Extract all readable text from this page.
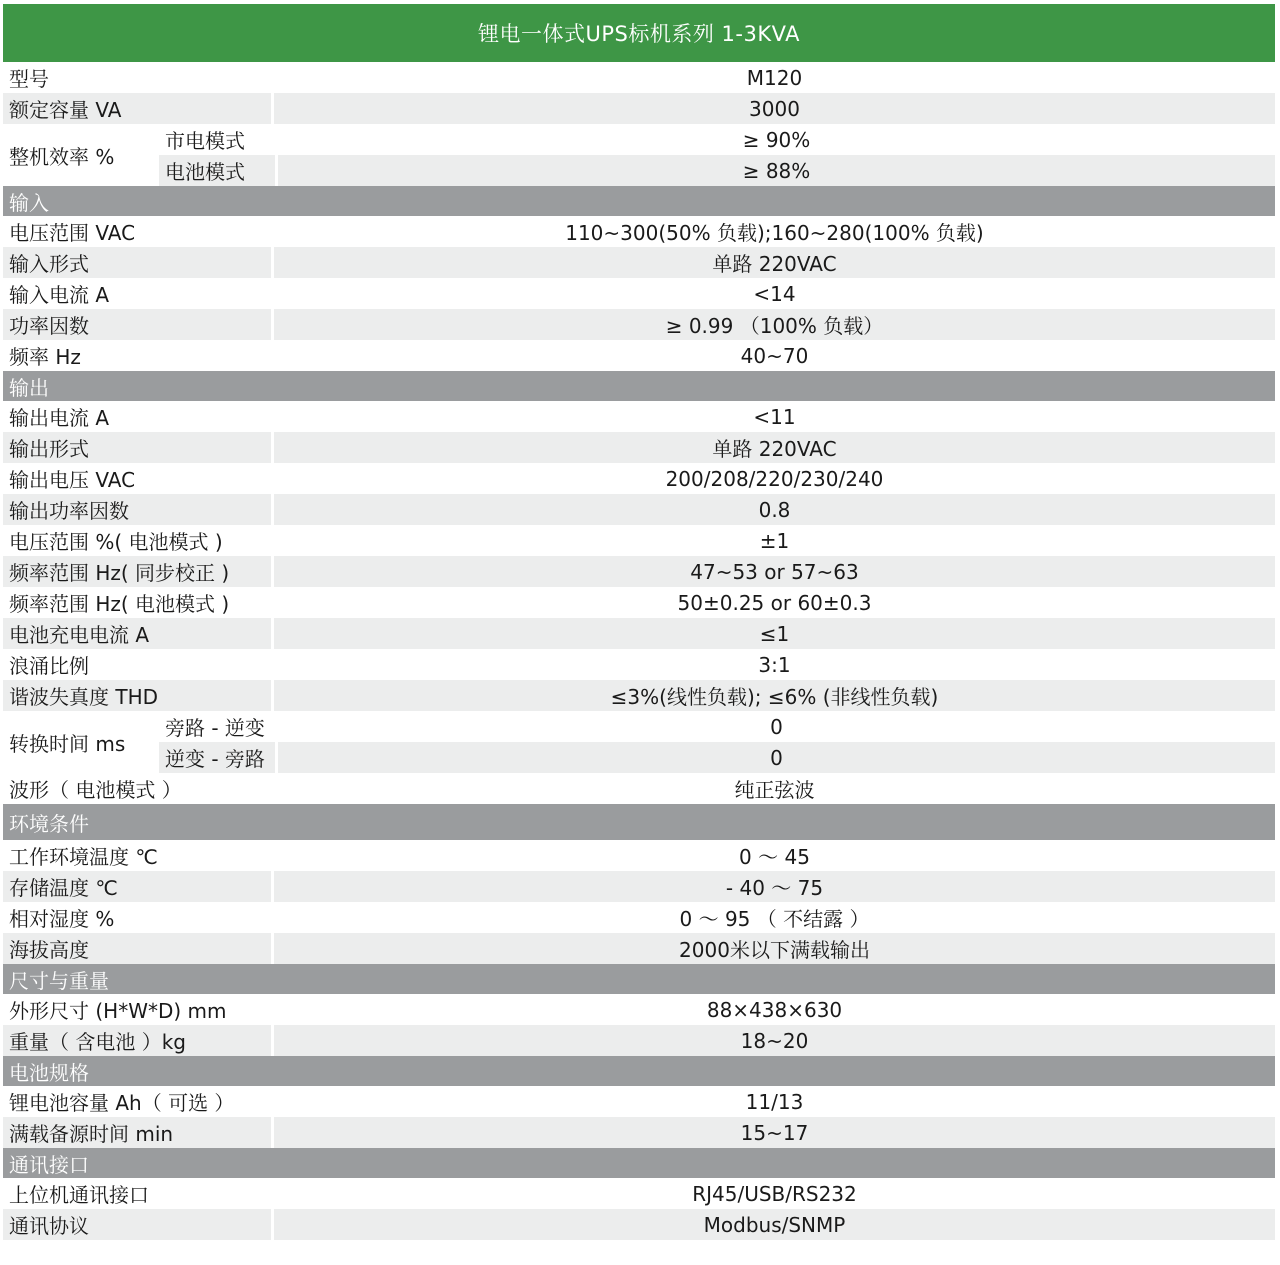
锂电一体式UPS标机系列 1-3KVA
型号	M120
额定容量 VA	3000
整机效率 %
市电模式	≥ 90%
电池模式	≥ 88%
输入
电压范围 VAC	110~300(50% 负载);160~280(100% 负载)
输入形式	单路 220VAC
输入电流 A	<14
功率因数	≥ 0.99 （100% 负载）
频率 Hz	40~70
输出
输出电流 A	<11
输出形式	单路 220VAC
输出电压 VAC	200/208/220/230/240
输出功率因数	0.8
电压范围 %( 电池模式 )	±1
频率范围 Hz( 同步校正 )	47~53 or 57~63
频率范围 Hz( 电池模式 )	50±0.25 or 60±0.3
电池充电电流 A	≤1
浪涌比例	3:1
谐波失真度 THD	≤3%(线性负载); ≤6% (非线性负载)
转换时间 ms
旁路 - 逆变	0
逆变 - 旁路	0
波形（ 电池模式 ）	纯正弦波
环境条件
工作环境温度 ℃	0 ～ 45
存储温度 ℃	- 40 ～ 75
相对湿度 %	0 ～ 95 （ 不结露 ）
海拔高度	2000米以下满载输出
尺寸与重量
外形尺寸 (H*W*D) mm	88×438×630
重量（ 含电池 ）kg	18~20
电池规格
锂电池容量 Ah（ 可选 ）	11/13
满载备源时间 min	15~17
通讯接口
上位机通讯接口	RJ45/USB/RS232
通讯协议	Modbus/SNMP
